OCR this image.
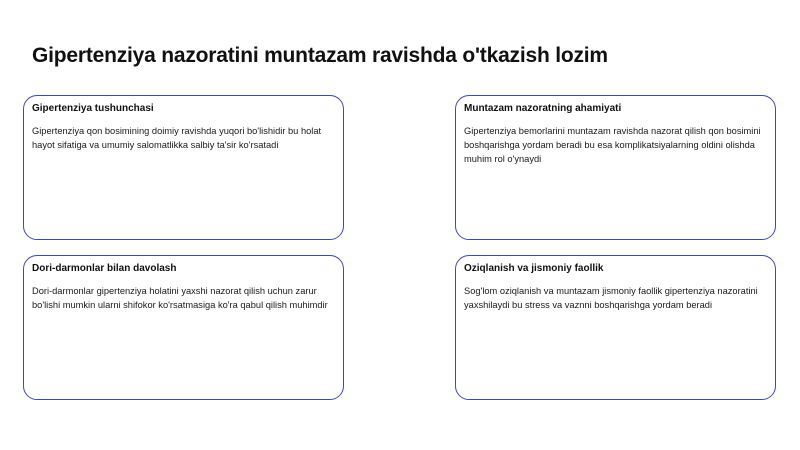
Gipertenziya nazoratini muntazam ravishda o'tkazish lozim
Gipertenziya tushunchasi

Gipertenziya qon bosimining doimiy ravishda yuqori bo'lishidir bu holat hayot sifatiga va umumiy salomatlikka salbiy ta'sir ko'rsatadi

Muntazam nazoratning ahamiyati

Gipertenziya bemorlarini muntazam ravishda nazorat qilish qon bosimini boshqarishga yordam beradi bu esa komplikatsiyalarning oldini olishda muhim rol o'ynaydi

Dori-darmonlar bilan davolash

Dori-darmonlar gipertenziya holatini yaxshi nazorat qilish uchun zarur bo'lishi mumkin ularni shifokor ko'rsatmasiga ko'ra qabul qilish muhimdir

Oziqlanish va jismoniy faollik

Sog'lom oziqlanish va muntazam jismoniy faollik gipertenziya nazoratini yaxshilaydi bu stress va vaznni boshqarishga yordam beradi
